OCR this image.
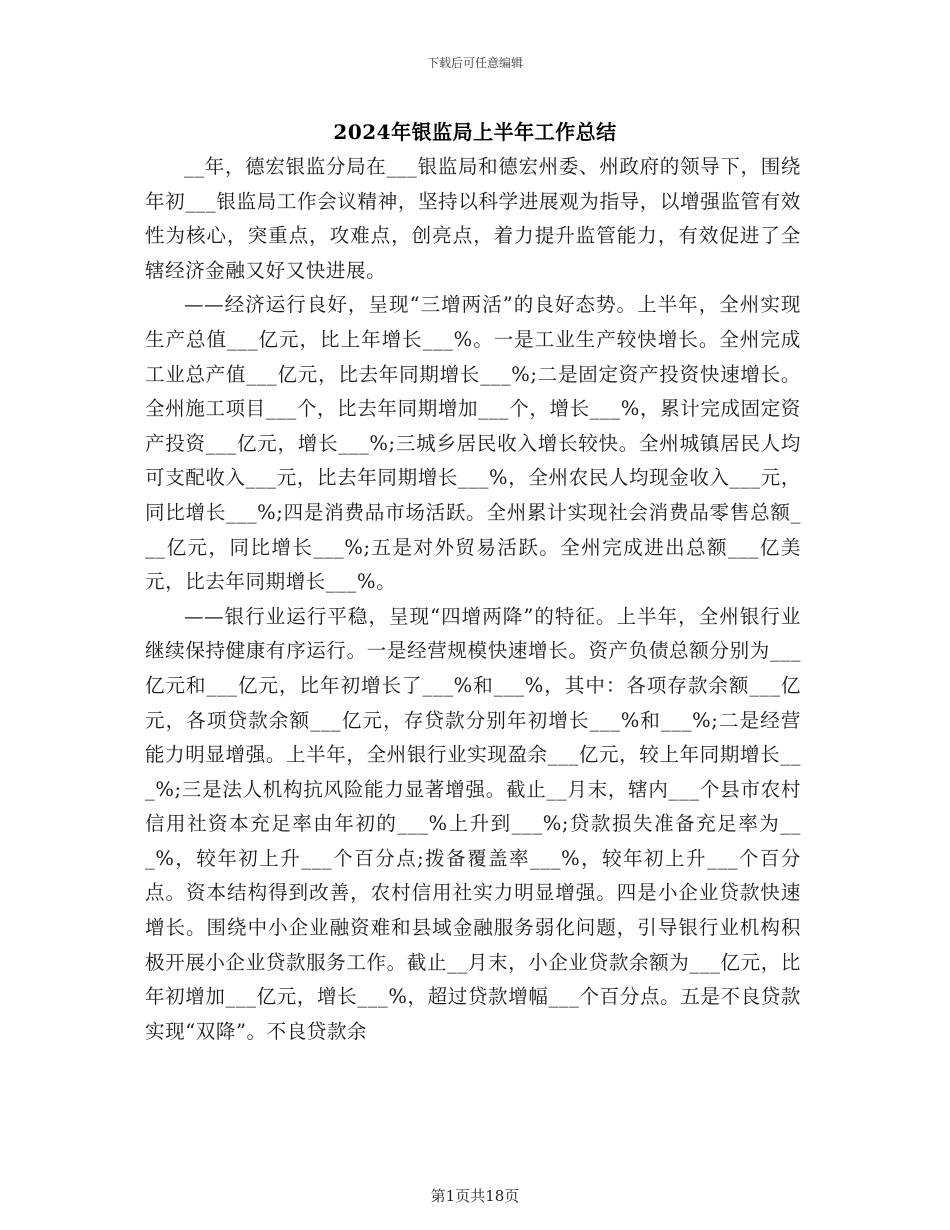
下载后可任意编辑
2024年银监局上半年工作总结

__年，德宏银监分局在___银监局和德宏州委、州政府的领导下，围绕年初___银监局工作会议精神，坚持以科学进展观为指导，以增强监管有效性为核心，突重点，攻难点，创亮点，着力提升监管能力，有效促进了全辖经济金融又好又快进展。

——经济运行良好，呈现“三增两活”的良好态势。上半年，全州实现生产总值___亿元，比上年增长___%。一是工业生产较快增长。全州完成工业总产值___亿元，比去年同期增长___%;二是固定资产投资快速增长。全州施工项目___个，比去年同期增加___个，增长___%，累计完成固定资产投资___亿元，增长___%;三城乡居民收入增长较快。全州城镇居民人均可支配收入___元，比去年同期增长___%，全州农民人均现金收入___元，同比增长___%;四是消费品市场活跃。全州累计实现社会消费品零售总额___亿元，同比增长___%;五是对外贸易活跃。全州完成进出总额___亿美元，比去年同期增长___%。

——银行业运行平稳，呈现“四增两降”的特征。上半年，全州银行业继续保持健康有序运行。一是经营规模快速增长。资产负债总额分别为___亿元和___亿元，比年初增长了___%和___%，其中：各项存款余额___亿元，各项贷款余额___亿元，存贷款分别年初增长___%和___%;二是经营能力明显增强。上半年，全州银行业实现盈余___亿元，较上年同期增长___%;三是法人机构抗风险能力显著增强。截止__月末，辖内___个县市农村信用社资本充足率由年初的___%上升到___%;贷款损失准备充足率为___%，较年初上升___个百分点;拨备覆盖率___%，较年初上升___个百分点。资本结构得到改善，农村信用社实力明显增强。四是小企业贷款快速增长。围绕中小企业融资难和县域金融服务弱化问题，引导银行业机构积极开展小企业贷款服务工作。截止__月末，小企业贷款余额为___亿元，比年初增加___亿元，增长___%，超过贷款增幅___个百分点。五是不良贷款实现“双降”。不良贷款余

第1页共18页
